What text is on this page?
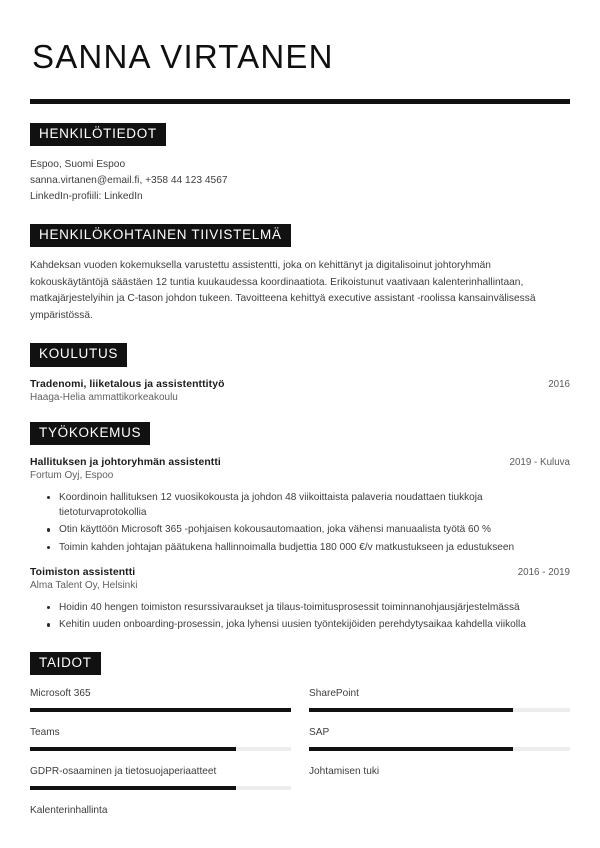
SANNA VIRTANEN
HENKILÖTIEDOT
Espoo, Suomi Espoo
sanna.virtanen@email.fi, +358 44 123 4567
LinkedIn-profiili: LinkedIn
HENKILÖKOHTAINEN TIIVISTELMÄ

Kahdeksan vuoden kokemuksella varustettu assistentti, joka on kehittänyt ja digitalisoinut johtoryhmän kokouskäytäntöjä säästäen 12 tuntia kuukaudessa koordinaatiota. Erikoistunut vaativaan kalenterinhallintaan, matkajärjestelyihin ja C-tason johdon tukeen. Tavoitteena kehittyä executive assistant -roolissa kansainvälisessä ympäristössä.

KOULUTUS
Tradenomi, liiketalous ja assistenttityö	2016
Haaga-Helia ammattikorkeakoulu
TYÖKOKEMUS
Hallituksen ja johtoryhmän assistentti	2019 - Kuluva
Fortum Oyj, Espoo
Koordinoin hallituksen 12 vuosikokousta ja johdon 48 viikoittaista palaveria noudattaen tiukkoja tietoturvaprotokollia
Otin käyttöön Microsoft 365 -pohjaisen kokousautomaation, joka vähensi manuaalista työtä 60 %
Toimin kahden johtajan päätukena hallinnoimalla budjettia 180 000 €/v matkustukseen ja edustukseen
Toimiston assistentti	2016 - 2019
Alma Talent Oy, Helsinki
Hoidin 40 hengen toimiston resurssivaraukset ja tilaus-toimitusprosessit toiminnanohjausjärjestelmässä
Kehitin uuden onboarding-prosessin, joka lyhensi uusien työntekijöiden perehdytysaikaa kahdella viikolla
TAIDOT
Microsoft 365	SharePoint
Teams	SAP
GDPR-osaaminen ja tietosuojaperiaatteet	Johtamisen tuki
Kalenterinhallinta
